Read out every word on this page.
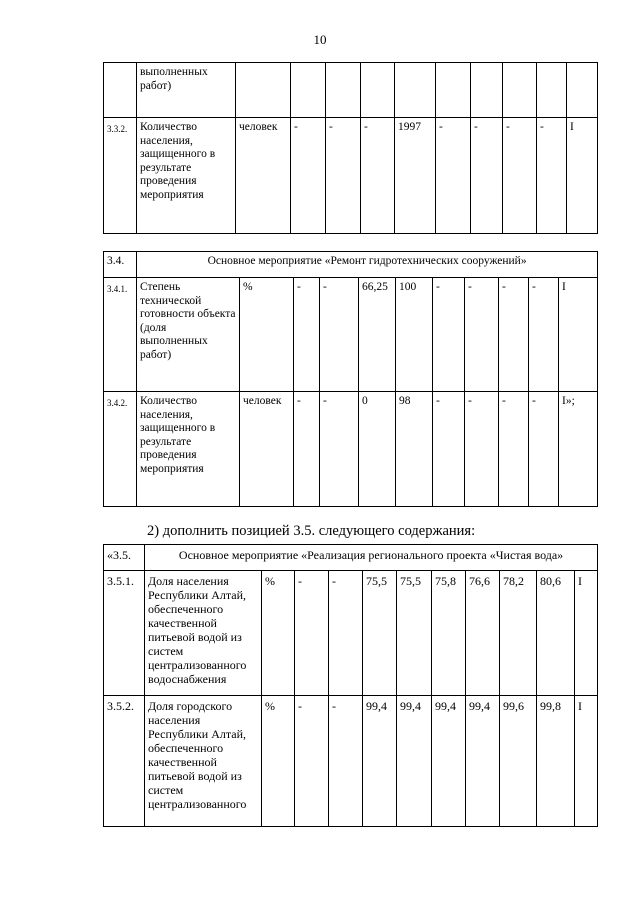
10
	выполненных работ)										
3.3.2.	Количество населения, защищенного в результате проведения мероприятия	человек	-	-	-	1997	-	-	-	-	I
3.4.	Основное мероприятие «Ремонт гидротехнических сооружений»										
3.4.1.	Степень технической готовности объекта (доля выполненных работ)	%	-	-	66,25	100	-	-	-	-	I
3.4.2.	Количество населения, защищенного в результате проведения мероприятия	человек	-	-	0	98	-	-	-	-	I»;
2) дополнить позицией 3.5. следующего содержания:
«3.5.	Основное мероприятие «Реализация регионального проекта «Чистая вода»										
3.5.1.	Доля населения Республики Алтай, обеспеченного качественной питьевой водой из систем централизованного водоснабжения	%	-	-	75,5	75,5	75,8	76,6	78,2	80,6	I
3.5.2.	Доля городского населения Республики Алтай, обеспеченного качественной питьевой водой из систем централизованного	%	-	-	99,4	99,4	99,4	99,4	99,6	99,8	I
